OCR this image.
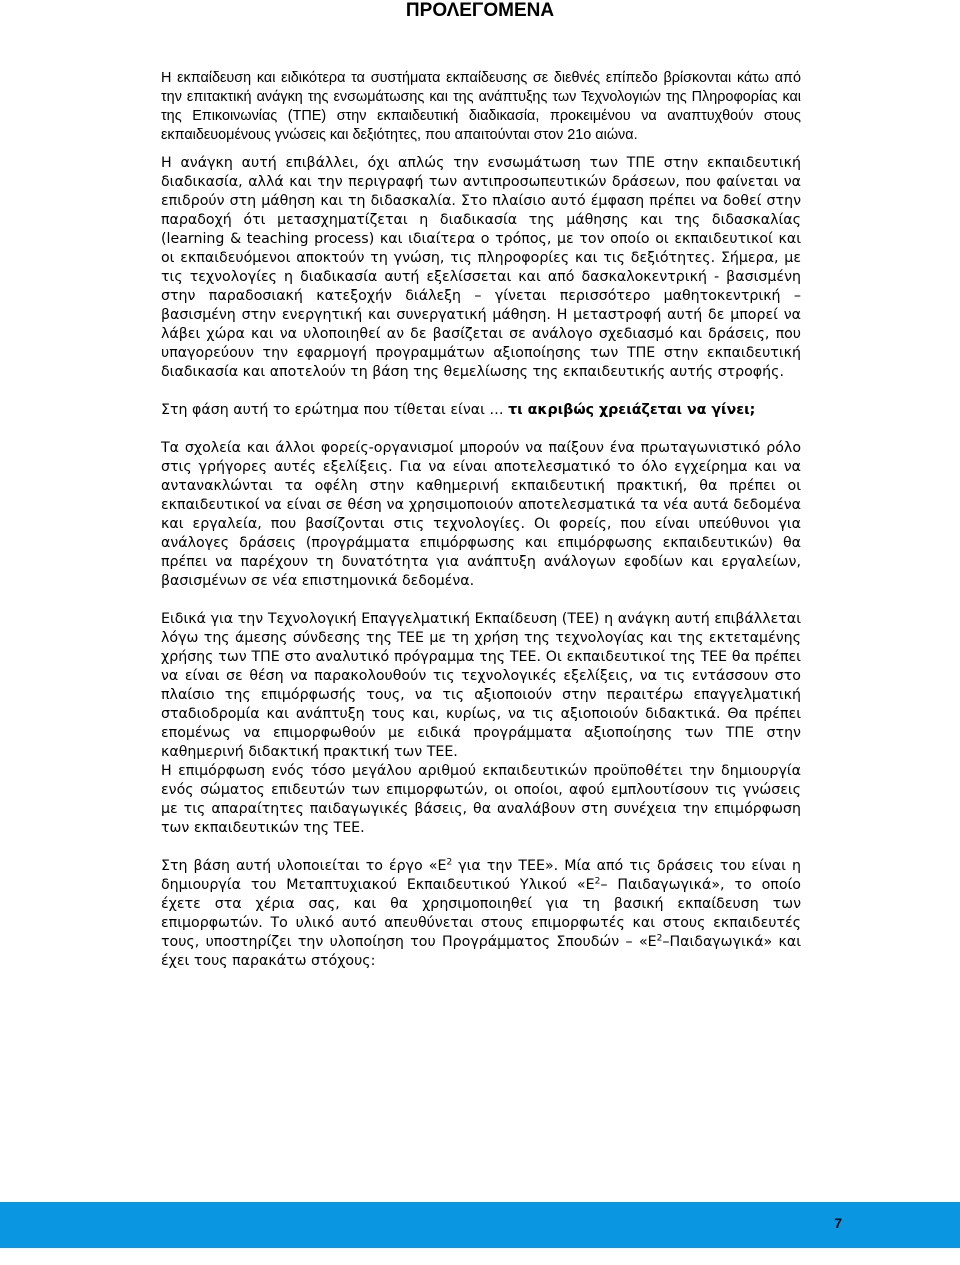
ΠΡΟΛΕΓΟΜΕΝΑ

Η εκπαίδευση και ειδικότερα τα συστήματα εκπαίδευσης σε διεθνές επίπεδο βρίσκονται κάτω από την επιτακτική ανάγκη της ενσωμάτωσης και της ανάπτυξης των Τεχνολογιών της Πληροφορίας και της Επικοινωνίας (ΤΠΕ) στην εκπαιδευτική διαδικασία, προκειμένου να αναπτυχθούν στους εκπαιδευομένους γνώσεις και δεξιότητες, που απαιτούνται στον 21ο αιώνα.

Η ανάγκη αυτή επιβάλλει, όχι απλώς την ενσωμάτωση των ΤΠΕ στην εκπαιδευτική διαδικασία, αλλά και την περιγραφή των αντιπροσωπευτικών δράσεων, που φαίνεται να επιδρούν στη μάθηση και τη διδασκαλία. Στο πλαίσιο αυτό έμφαση πρέπει να δοθεί στην παραδοχή ότι μετασχηματίζεται η διαδικασία της μάθησης και της διδασκαλίας (learning & teaching process) και ιδιαίτερα ο τρόπος, με τον οποίο οι εκπαιδευτικοί και οι εκπαιδευόμενοι αποκτούν τη γνώση, τις πληροφορίες και τις δεξιότητες. Σήμερα, με τις τεχνολογίες η διαδικασία αυτή εξελίσσεται και από δασκαλοκεντρική - βασισμένη στην παραδοσιακή κατεξοχήν διάλεξη – γίνεται περισσότερο μαθητοκεντρική – βασισμένη στην ενεργητική και συνεργατική μάθηση. Η μεταστροφή αυτή δε μπορεί να λάβει χώρα και να υλοποιηθεί αν δε βασίζεται σε ανάλογο σχεδιασμό και δράσεις, που υπαγορεύουν την εφαρμογή προγραμμάτων αξιοποίησης των ΤΠΕ στην εκπαιδευτική διαδικασία και αποτελούν τη βάση της θεμελίωσης της εκπαιδευτικής αυτής στροφής.

Στη φάση αυτή το ερώτημα που τίθεται είναι … τι ακριβώς χρειάζεται να γίνει;

Τα σχολεία και άλλοι φορείς-οργανισμοί μπορούν να παίξουν ένα πρωταγωνιστικό ρόλο στις γρήγορες αυτές εξελίξεις. Για να είναι αποτελεσματικό το όλο εγχείρημα και να αντανακλώνται τα οφέλη στην καθημερινή εκπαιδευτική πρακτική, θα πρέπει οι εκπαιδευτικοί να είναι σε θέση να χρησιμοποιούν αποτελεσματικά τα νέα αυτά δεδομένα και εργαλεία, που βασίζονται στις τεχνολογίες. Οι φορείς, που είναι υπεύθυνοι για ανάλογες δράσεις (προγράμματα επιμόρφωσης και επιμόρφωσης εκπαιδευτικών) θα πρέπει να παρέχουν τη δυνατότητα για ανάπτυξη ανάλογων εφοδίων και εργαλείων, βασισμένων σε νέα επιστημονικά δεδομένα.

Ειδικά για την Τεχνολογική Επαγγελματική Εκπαίδευση (ΤΕΕ) η ανάγκη αυτή επιβάλλεται λόγω της άμεσης σύνδεσης της ΤΕΕ με τη χρήση της τεχνολογίας και της εκτεταμένης χρήσης των ΤΠΕ στο αναλυτικό πρόγραμμα της ΤΕΕ. Οι εκπαιδευτικοί της ΤΕΕ θα πρέπει να είναι σε θέση να παρακολουθούν τις τεχνολογικές εξελίξεις, να τις εντάσσουν στο πλαίσιο της επιμόρφωσής τους, να τις αξιοποιούν στην περαιτέρω επαγγελματική σταδιοδρομία και ανάπτυξη τους και, κυρίως, να τις αξιοποιούν διδακτικά. Θα πρέπει επομένως να επιμορφωθούν με ειδικά προγράμματα αξιοποίησης των ΤΠΕ στην καθημερινή διδακτική πρακτική των ΤΕΕ.

Η επιμόρφωση ενός τόσο μεγάλου αριθμού εκπαιδευτικών προϋποθέτει την δημιουργία ενός σώματος επιδευτών των επιμορφωτών, οι οποίοι, αφού εμπλουτίσουν τις γνώσεις με τις απαραίτητες παιδαγωγικές βάσεις, θα αναλάβουν στη συνέχεια την επιμόρφωση των εκπαιδευτικών της ΤΕΕ.

Στη βάση αυτή υλοποιείται το έργο «$E^2$ για την ΤΕΕ». Μία από τις δράσεις του είναι η δημιουργία του Μεταπτυχιακού Εκπαιδευτικού Υλικού «$E^2-$ Παιδαγωγικά», το οποίο έχετε στα χέρια σας, και θα χρησιμοποιηθεί για τη βασική εκπαίδευση των επιμορφωτών. Το υλικό αυτό απευθύνεται στους επιμορφωτές και στους εκπαιδευτές τους, υποστηρίζει την υλοποίηση του Προγράμματος Σπουδών – «$E^2$–Παιδαγωγικά» και έχει τους παρακάτω στόχους:

7
